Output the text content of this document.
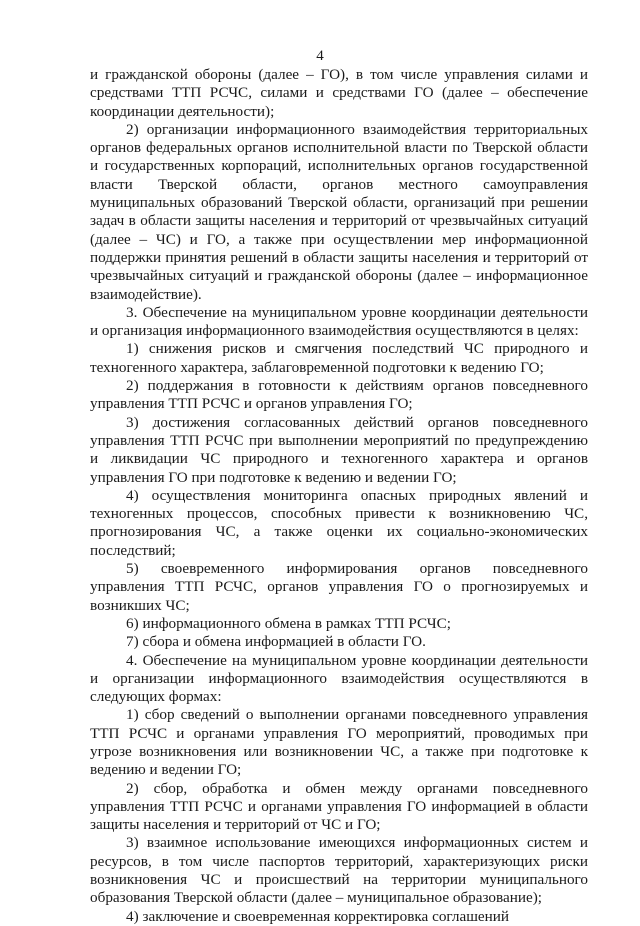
4

и гражданской обороны (далее – ГО), в том числе управления силами и средствами ТТП РСЧС, силами и средствами ГО (далее – обеспечение координации деятельности);

2) организации информационного взаимодействия территориальных органов федеральных органов исполнительной власти по Тверской области и государственных корпораций, исполнительных органов государственной власти Тверской области, органов местного самоуправления муниципальных образований Тверской области, организаций при решении задач в области защиты населения и территорий от чрезвычайных ситуаций (далее – ЧС) и ГО, а также при осуществлении мер информационной поддержки принятия решений в области защиты населения и территорий от чрезвычайных ситуаций и гражданской обороны (далее – информационное взаимодействие).

3. Обеспечение на муниципальном уровне координации деятельности и организация информационного взаимодействия осуществляются в целях:

1) снижения рисков и смягчения последствий ЧС природного и техногенного характера, заблаговременной подготовки к ведению ГО;

2) поддержания в готовности к действиям органов повседневного управления ТТП РСЧС и органов управления ГО;

3) достижения согласованных действий органов повседневного управления ТТП РСЧС при выполнении мероприятий по предупреждению и ликвидации ЧС природного и техногенного характера и органов управления ГО при подготовке к ведению и ведении ГО;

4) осуществления мониторинга опасных природных явлений и техногенных процессов, способных привести к возникновению ЧС, прогнозирования ЧС, а также оценки их социально-экономических последствий;

5) своевременного информирования органов повседневного управления ТТП РСЧС, органов управления ГО о прогнозируемых и возникших ЧС;

6) информационного обмена в рамках ТТП РСЧС;

7) сбора и обмена информацией в области ГО.

4. Обеспечение на муниципальном уровне координации деятельности и организации информационного взаимодействия осуществляются в следующих формах:

1) сбор сведений о выполнении органами повседневного управления ТТП РСЧС и органами управления ГО мероприятий, проводимых при угрозе возникновения или возникновении ЧС, а также при подготовке к ведению и ведении ГО;

2) сбор, обработка и обмен между органами повседневного управления ТТП РСЧС и органами управления ГО информацией в области защиты населения и территорий от ЧС и ГО;

3) взаимное использование имеющихся информационных систем и ресурсов, в том числе паспортов территорий, характеризующих риски возникновения ЧС и происшествий на территории муниципального образования Тверской области (далее – муниципальное образование);

4) заключение и своевременная корректировка соглашений
